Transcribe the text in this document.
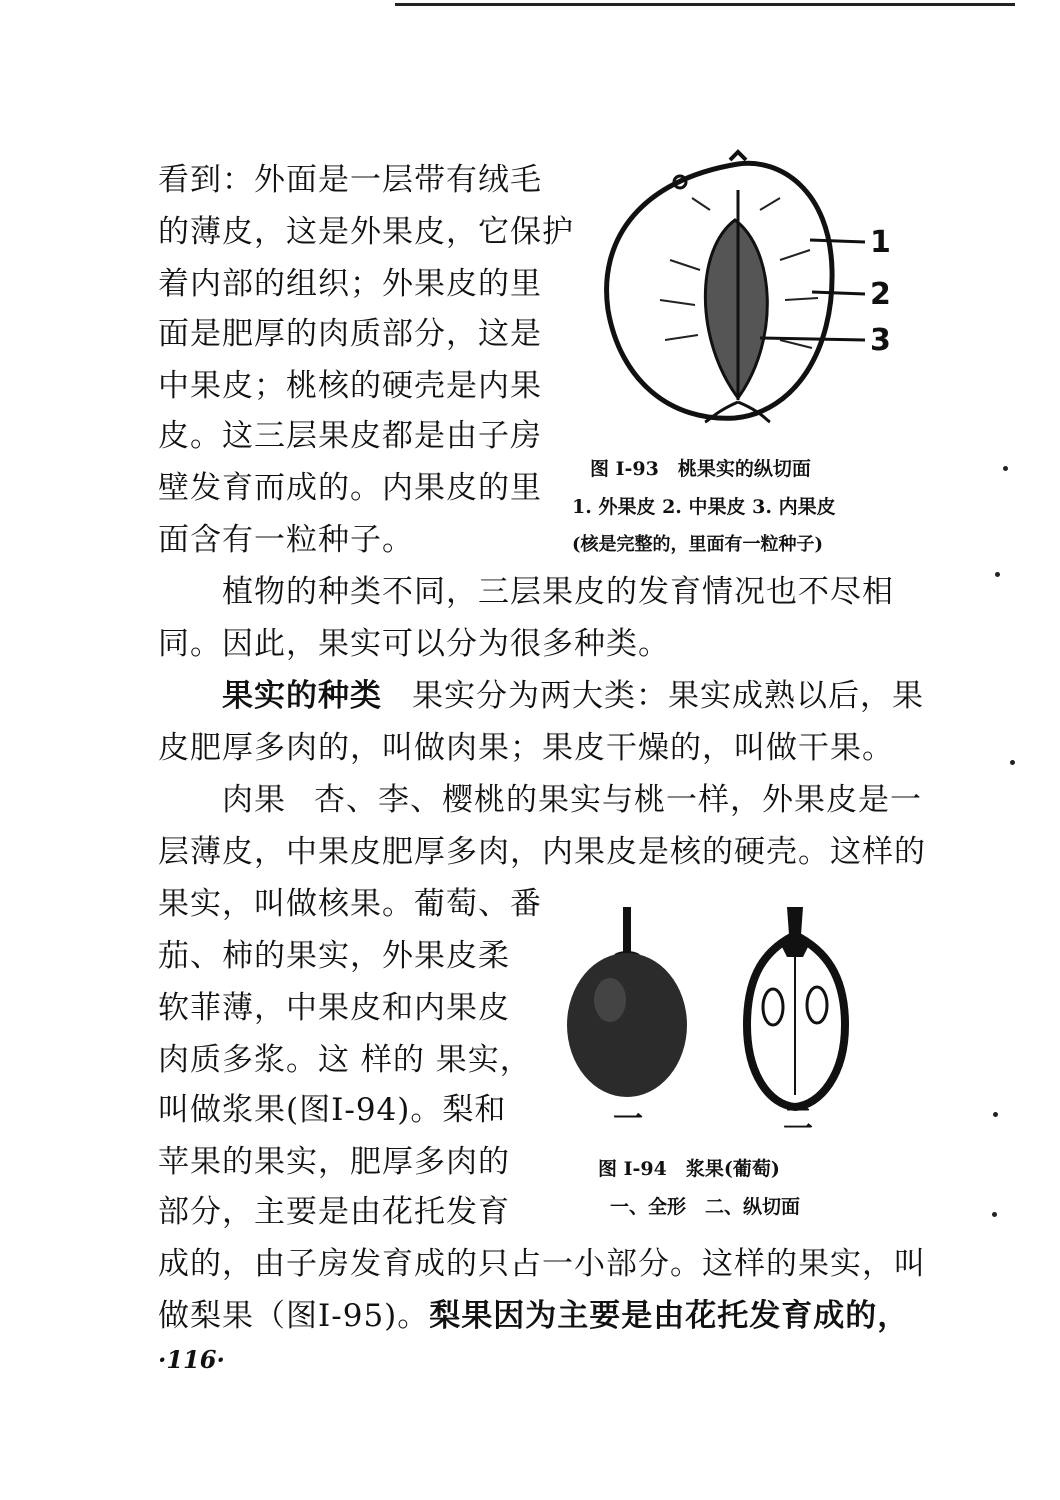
看到：外面是一层带有绒毛
的薄皮，这是外果皮，它保护
着内部的组织；外果皮的里
面是肥厚的肉质部分，这是
中果皮；桃核的硬壳是内果
皮。这三层果皮都是由子房
壁发育而成的。内果皮的里
面含有一粒种子。
1
2
3
图 I-93　桃果实的纵切面
1. 外果皮 2. 中果皮 3. 内果皮
(核是完整的，里面有一粒种子)
植物的种类不同，三层果皮的发育情况也不尽相
同。因此，果实可以分为很多种类。
果实的种类 果实分为两大类：果实成熟以后，果
皮肥厚多肉的，叫做肉果；果皮干燥的，叫做干果。
肉果 杏、李、樱桃的果实与桃一样，外果皮是一
层薄皮，中果皮肥厚多肉，内果皮是核的硬壳。这样的
果实，叫做核果。葡萄、番
茄、柿的果实，外果皮柔
软菲薄，中果皮和内果皮
肉质多浆。这 样的 果实，
叫做浆果(图I-94)。梨和
苹果的果实，肥厚多肉的
部分，主要是由花托发育
一	二
图 I-94　浆果(葡萄)
一、全形　二、纵切面
成的，由子房发育成的只占一小部分。这样的果实，叫
做梨果（图I-95)。梨果因为主要是由花托发育成的，
·116·
